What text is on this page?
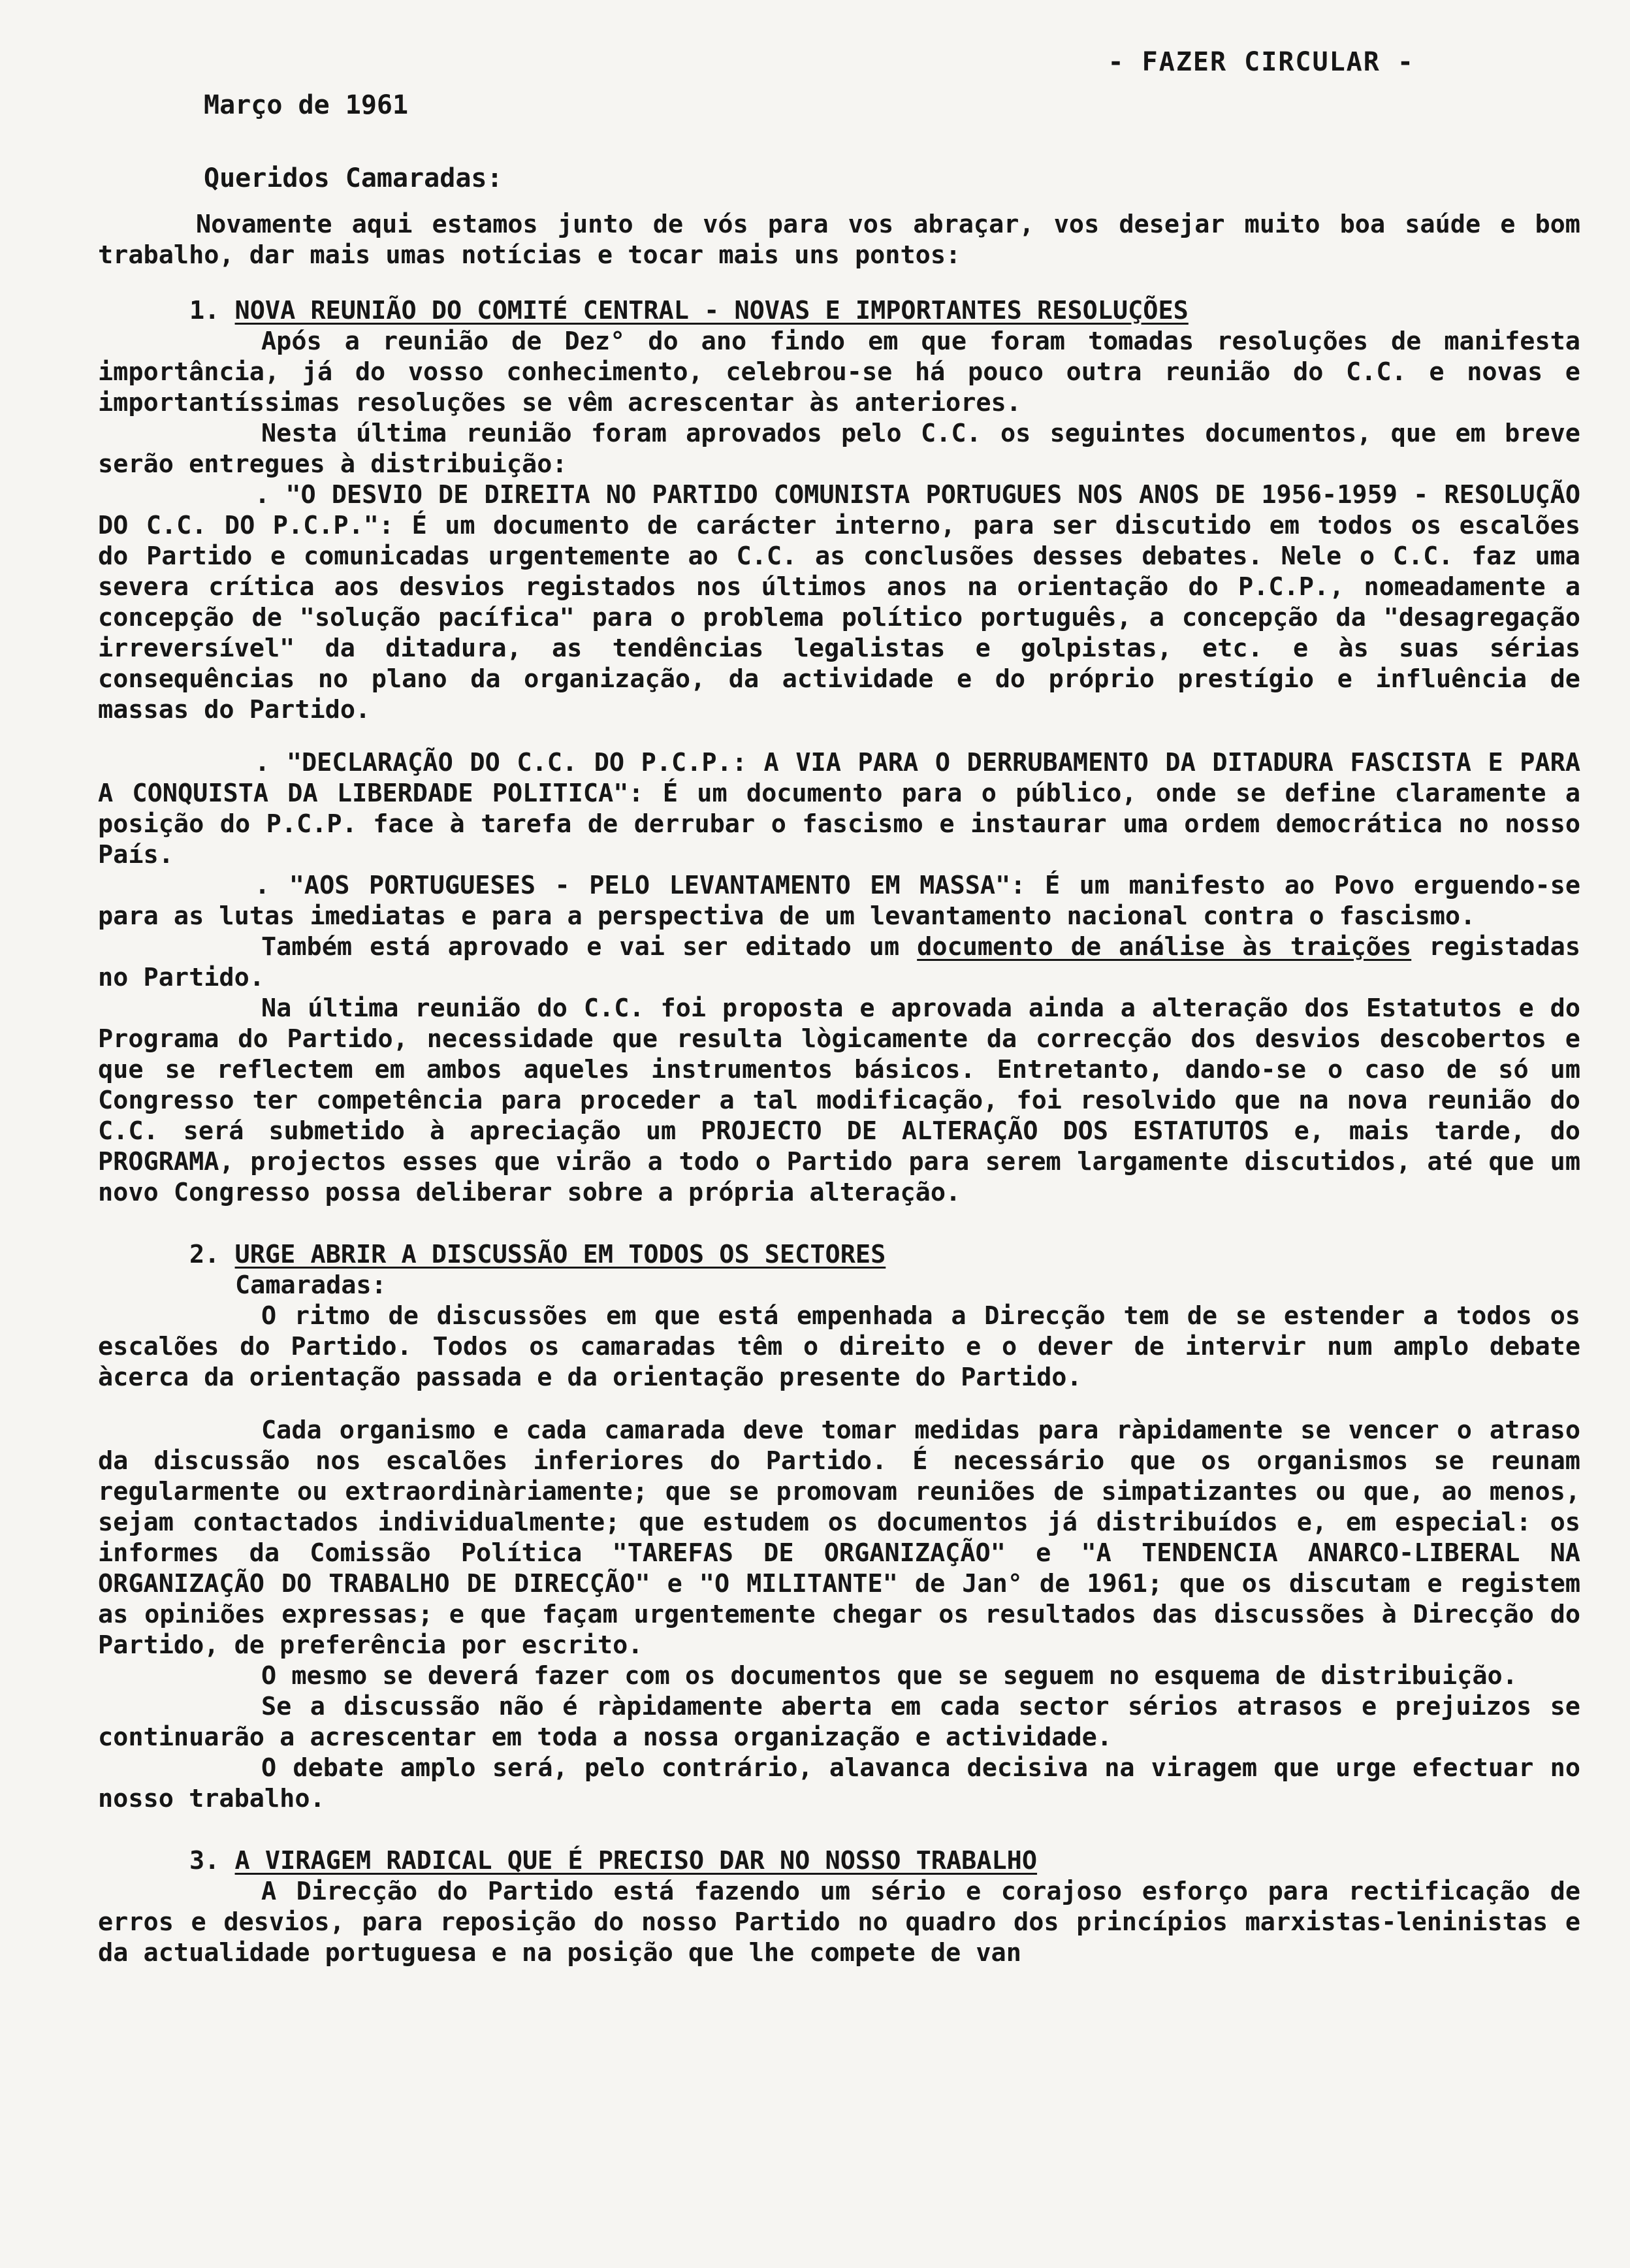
- FAZER CIRCULAR -
Março de 1961
Queridos Camaradas:

Novamente aqui estamos junto de vós para vos abraçar, vos desejar muito boa saúde e bom trabalho, dar mais umas notícias e tocar mais uns pontos:

1. NOVA REUNIÃO DO COMITÉ CENTRAL - NOVAS E IMPORTANTES RESOLUÇÕES

Após a reunião de Dez° do ano findo em que foram tomadas resoluções de manifesta importância, já do vosso conhecimento, celebrou-se há pouco outra reunião do C.C. e novas e importantíssimas resoluções se vêm acrescentar às anteriores.

Nesta última reunião foram aprovados pelo C.C. os seguintes documentos, que em breve serão entregues à distribuição:

. "O DESVIO DE DIREITA NO PARTIDO COMUNISTA PORTUGUES NOS ANOS DE 1956-1959 - RESOLUÇÃO DO C.C. DO P.C.P.": É um documento de carácter interno, para ser discutido em todos os escalões do Partido e comunicadas urgentemente ao C.C. as conclusões desses debates. Nele o C.C. faz uma severa crítica aos desvios registados nos últimos anos na orientação do P.C.P., nomeadamente a concepção de "solução pacífica" para o problema político português, a concepção da "desagregação irreversível" da ditadura, as tendências legalistas e golpistas, etc. e às suas sérias consequências no plano da organização, da actividade e do próprio prestígio e influência de massas do Partido.

. "DECLARAÇÃO DO C.C. DO P.C.P.: A VIA PARA O DERRUBAMENTO DA DITADURA FASCISTA E PARA A CONQUISTA DA LIBERDADE POLITICA": É um documento para o público, onde se define claramente a posição do P.C.P. face à tarefa de derrubar o fascismo e instaurar uma ordem democrática no nosso País.

. "AOS PORTUGUESES - PELO LEVANTAMENTO EM MASSA": É um manifesto ao Povo erguendo-se para as lutas imediatas e para a perspectiva de um levantamento nacional contra o fascismo.

Também está aprovado e vai ser editado um documento de análise às traições registadas no Partido.

Na última reunião do C.C. foi proposta e aprovada ainda a alteração dos Estatutos e do Programa do Partido, necessidade que resulta lògicamente da correcção dos desvios descobertos e que se reflectem em ambos aqueles instrumentos básicos. Entretanto, dando-se o caso de só um Congresso ter competência para proceder a tal modificação, foi resolvido que na nova reunião do C.C. será submetido à apreciação um PROJECTO DE ALTERAÇÃO DOS ESTATUTOS e, mais tarde, do PROGRAMA, projectos esses que virão a todo o Partido para serem largamente discutidos, até que um novo Congresso possa deliberar sobre a própria alteração.

2. URGE ABRIR A DISCUSSÃO EM TODOS OS SECTORES

Camaradas:

O ritmo de discussões em que está empenhada a Direcção tem de se estender a todos os escalões do Partido. Todos os camaradas têm o direito e o dever de intervir num amplo debate àcerca da orientação passada e da orientação presente do Partido.

Cada organismo e cada camarada deve tomar medidas para ràpidamente se vencer o atraso da discussão nos escalões inferiores do Partido. É necessário que os organismos se reunam regularmente ou extraordinàriamente; que se promovam reuniões de simpatizantes ou que, ao menos, sejam contactados individualmente; que estudem os documentos já distribuídos e, em especial: os informes da Comissão Política "TAREFAS DE ORGANIZAÇÃO" e "A TENDENCIA ANARCO-LIBERAL NA ORGANIZAÇÃO DO TRABALHO DE DIRECÇÃO" e "O MILITANTE" de Jan° de 1961; que os discutam e registem as opiniões expressas; e que façam urgentemente chegar os resultados das discussões à Direcção do Partido, de preferência por escrito.

O mesmo se deverá fazer com os documentos que se seguem no esquema de distribuição.

Se a discussão não é ràpidamente aberta em cada sector sérios atrasos e prejuizos se continuarão a acrescentar em toda a nossa organização e actividade.

O debate amplo será, pelo contrário, alavanca decisiva na viragem que urge efectuar no nosso trabalho.

3. A VIRAGEM RADICAL QUE É PRECISO DAR NO NOSSO TRABALHO

A Direcção do Partido está fazendo um sério e corajoso esforço para rectificação de erros e desvios, para reposição do nosso Partido no quadro dos princípios marxistas-leninistas e da actualidade portuguesa e na posição que lhe compete de van
